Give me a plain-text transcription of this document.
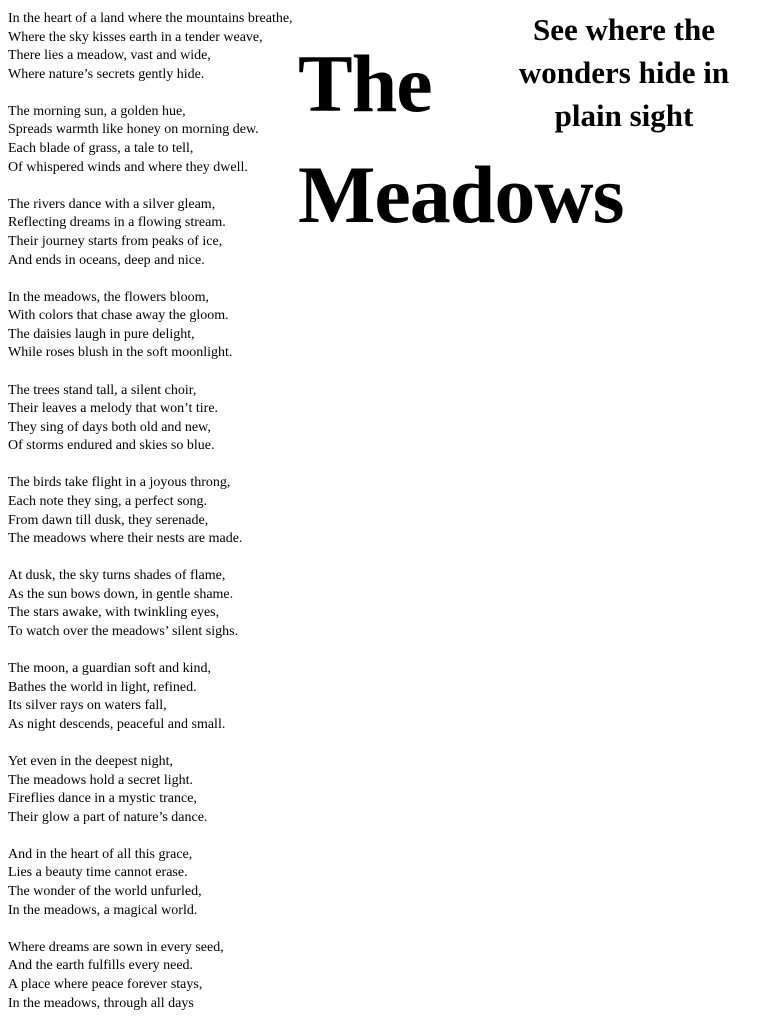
In the heart of a land where the mountains breathe,
Where the sky kisses earth in a tender weave,
There lies a meadow, vast and wide,
Where nature’s secrets gently hide.
The morning sun, a golden hue,
Spreads warmth like honey on morning dew.
Each blade of grass, a tale to tell,
Of whispered winds and where they dwell.
The rivers dance with a silver gleam,
Reflecting dreams in a flowing stream.
Their journey starts from peaks of ice,
And ends in oceans, deep and nice.
In the meadows, the flowers bloom,
With colors that chase away the gloom.
The daisies laugh in pure delight,
While roses blush in the soft moonlight.
The trees stand tall, a silent choir,
Their leaves a melody that won’t tire.
They sing of days both old and new,
Of storms endured and skies so blue.
The birds take flight in a joyous throng,
Each note they sing, a perfect song.
From dawn till dusk, they serenade,
The meadows where their nests are made.
At dusk, the sky turns shades of flame,
As the sun bows down, in gentle shame.
The stars awake, with twinkling eyes,
To watch over the meadows’ silent sighs.
The moon, a guardian soft and kind,
Bathes the world in light, refined.
Its silver rays on waters fall,
As night descends, peaceful and small.
Yet even in the deepest night,
The meadows hold a secret light.
Fireflies dance in a mystic trance,
Their glow a part of nature’s dance.
And in the heart of all this grace,
Lies a beauty time cannot erase.
The wonder of the world unfurled,
In the meadows, a magical world.
Where dreams are sown in every seed,
And the earth fulfills every need.
A place where peace forever stays,
In the meadows, through all days
The
Meadows

See where the wonders hide in plain sight
